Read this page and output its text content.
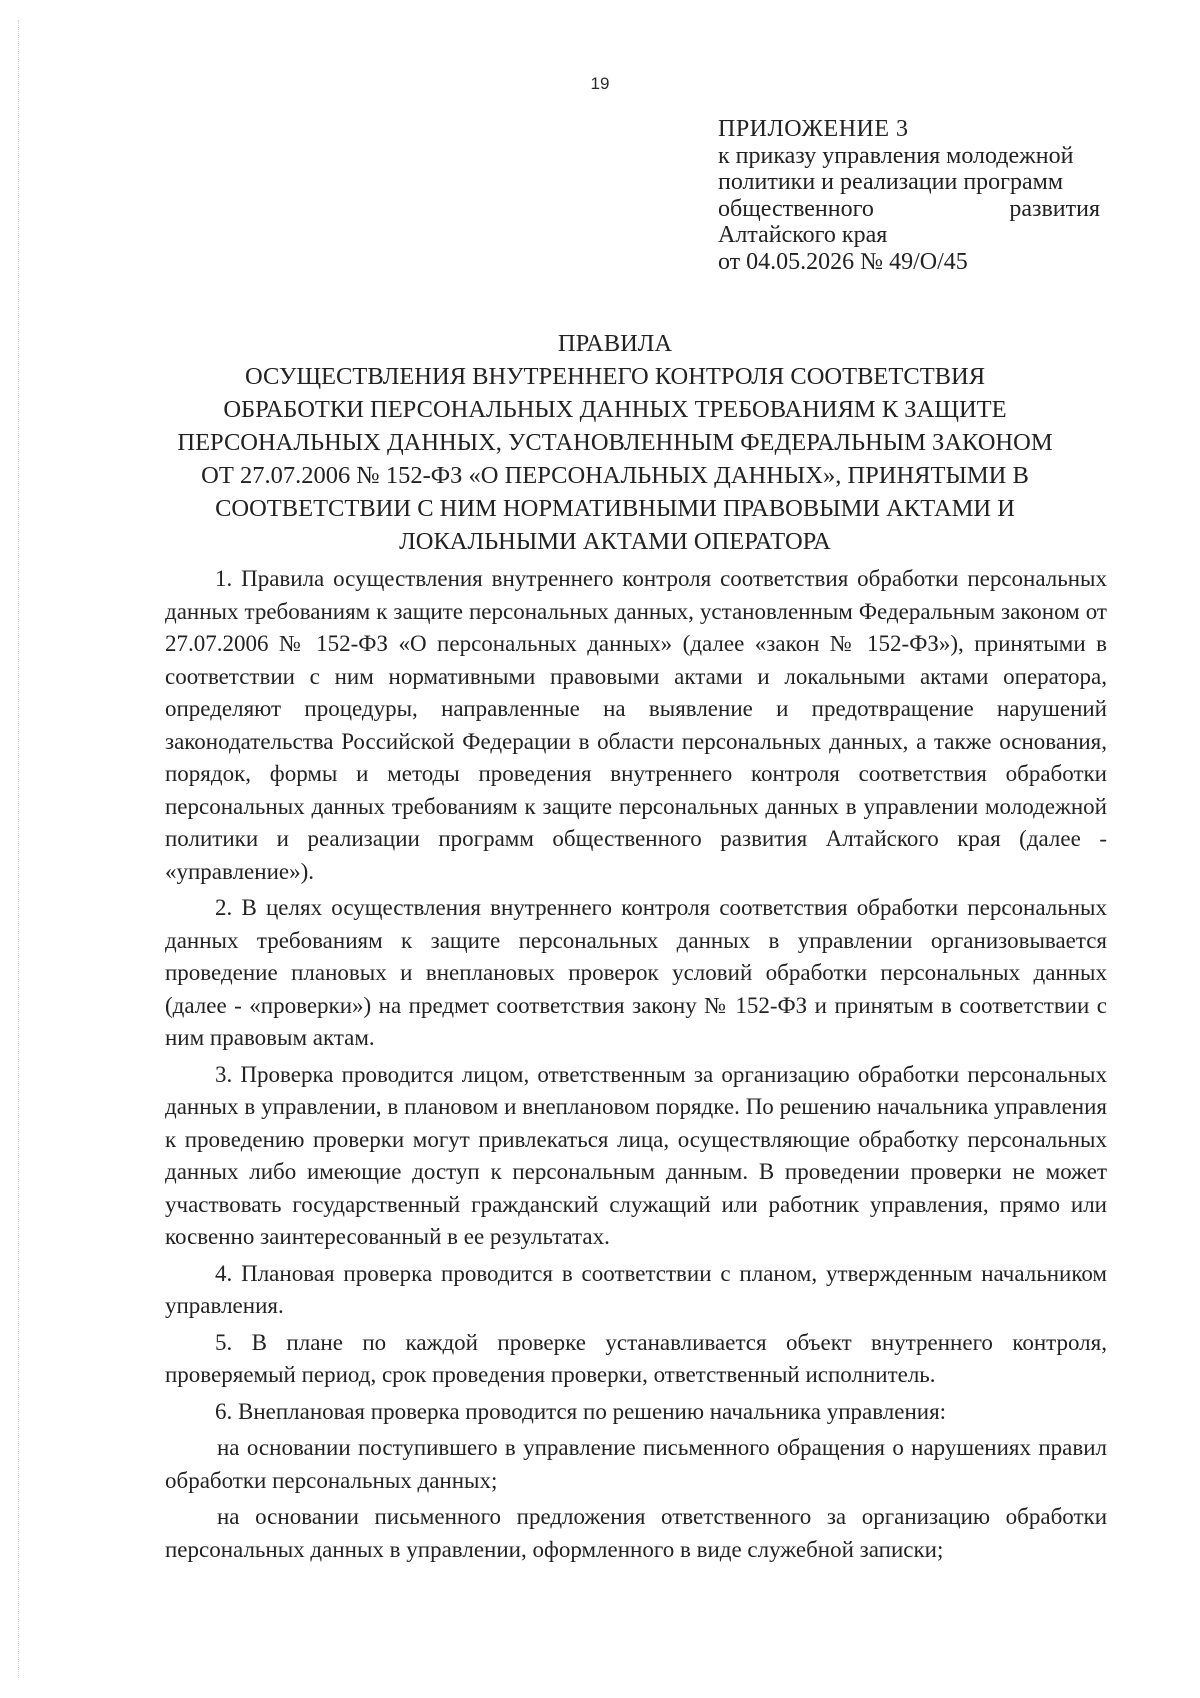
19
ПРИЛОЖЕНИЕ 3
к приказу управления молодежной
политики и реализации программ
общественного	развития
Алтайского края
от 04.05.2026 № 49/О/45
ПРАВИЛА
ОСУЩЕСТВЛЕНИЯ ВНУТРЕННЕГО КОНТРОЛЯ СООТВЕТСТВИЯ
ОБРАБОТКИ ПЕРСОНАЛЬНЫХ ДАННЫХ ТРЕБОВАНИЯМ К ЗАЩИТЕ
ПЕРСОНАЛЬНЫХ ДАННЫХ, УСТАНОВЛЕННЫМ ФЕДЕРАЛЬНЫМ ЗАКОНОМ
ОТ 27.07.2006 № 152-ФЗ «О ПЕРСОНАЛЬНЫХ ДАННЫХ», ПРИНЯТЫМИ В
СООТВЕТСТВИИ С НИМ НОРМАТИВНЫМИ ПРАВОВЫМИ АКТАМИ И
ЛОКАЛЬНЫМИ АКТАМИ ОПЕРАТОРА

1. Правила осуществления внутреннего контроля соответствия обработки персональных данных требованиям к защите персональных данных, установленным Федеральным законом от 27.07.2006 № 152-ФЗ «О персональных данных» (далее «закон № 152-ФЗ»), принятыми в соответствии с ним нормативными правовыми актами и локальными актами оператора, определяют процедуры, направленные на выявление и предотвращение нарушений законодательства Российской Федерации в области персональных данных, а также основания, порядок, формы и методы проведения внутреннего контроля соответствия обработки персональных данных требованиям к защите персональных данных в управлении молодежной политики и реализации программ общественного развития Алтайского края (далее - «управление»).

2. В целях осуществления внутреннего контроля соответствия обработки персональных данных требованиям к защите персональных данных в управлении организовывается проведение плановых и внеплановых проверок условий обработки персональных данных (далее - «проверки») на предмет соответствия закону № 152-ФЗ и принятым в соответствии с ним правовым актам.

3. Проверка проводится лицом, ответственным за организацию обработки персональных данных в управлении, в плановом и внеплановом порядке. По решению начальника управления к проведению проверки могут привлекаться лица, осуществляющие обработку персональных данных либо имеющие доступ к персональным данным. В проведении проверки не может участвовать государственный гражданский служащий или работник управления, прямо или косвенно заинтересованный в ее результатах.

4. Плановая проверка проводится в соответствии с планом, утвержденным начальником управления.

5. В плане по каждой проверке устанавливается объект внутреннего контроля, проверяемый период, срок проведения проверки, ответственный исполнитель.

6. Внеплановая проверка проводится по решению начальника управления:

на основании поступившего в управление письменного обращения о нарушениях правил обработки персональных данных;

на основании письменного предложения ответственного за организацию обработки персональных данных в управлении, оформленного в виде служебной записки;
